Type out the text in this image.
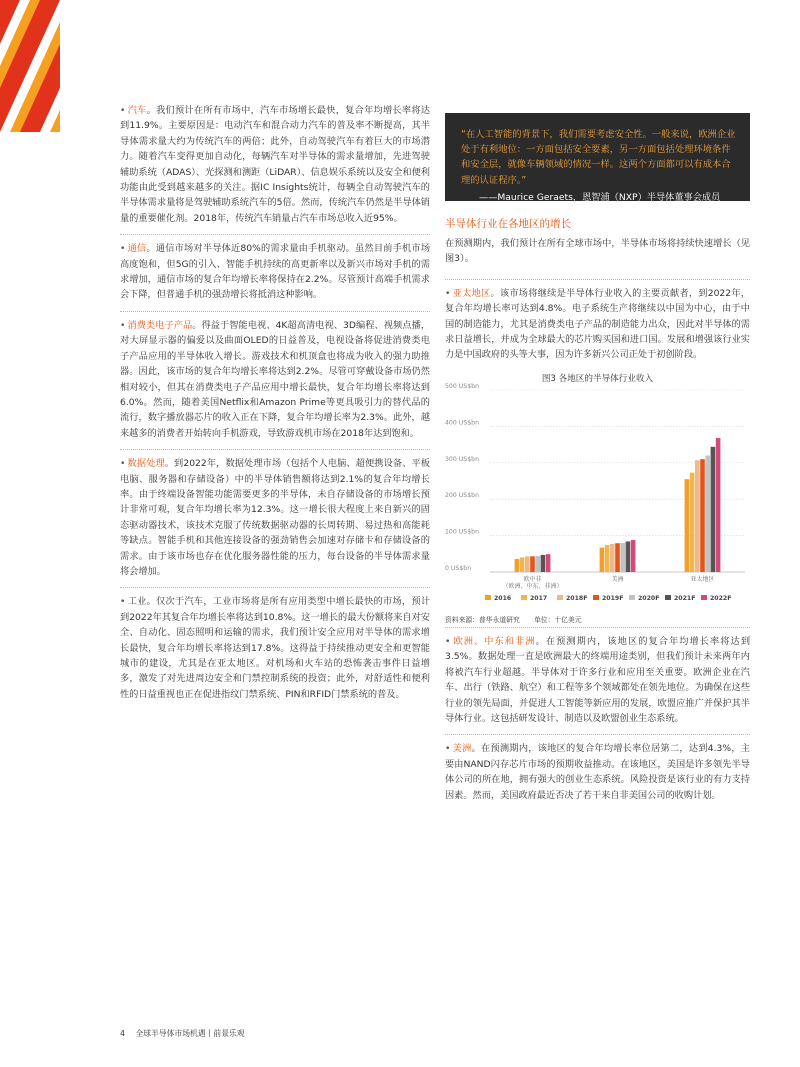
• 汽车。我们预计在所有市场中，汽车市场增长最快，复合年均增长率将达到11.9%。主要原因是：电动汽车和混合动力汽车的普及率不断提高，其半导体需求量大约为传统汽车的两倍；此外，自动驾驶汽车有着巨大的市场潜力。随着汽车变得更加自动化，每辆汽车对半导体的需求量增加，先进驾驶辅助系统（ADAS）、光探测和测距（LiDAR）、信息娱乐系统以及安全和便利功能由此受到越来越多的关注。据IC Insights统计，每辆全自动驾驶汽车的半导体需求量将是驾驶辅助系统汽车的5倍。然而，传统汽车仍然是半导体销量的重要催化剂。2018年，传统汽车销量占汽车市场总收入近95%。
• 通信。通信市场对半导体近80%的需求量由手机驱动。虽然目前手机市场高度饱和，但5G的引入、智能手机持续的高更新率以及新兴市场对手机的需求增加，通信市场的复合年均增长率将保持在2.2%。尽管预计高端手机需求会下降，但普通手机的强劲增长将抵消这种影响。
• 消费类电子产品。得益于智能电视、4K超高清电视、3D编程、视频点播，对大屏显示器的偏爱以及曲面OLED的日益普及，电视设备将促进消费类电子产品应用的半导体收入增长。游戏技术和机顶盒也将成为收入的强力助推器。因此，该市场的复合年均增长率将达到2.2%。尽管可穿戴设备市场仍然相对较小，但其在消费类电子产品应用中增长最快，复合年均增长率将达到6.0%。然而，随着美国Netflix和Amazon Prime等更具吸引力的替代品的流行，数字播放器芯片的收入正在下降，复合年均增长率为2.3%。此外，越来越多的消费者开始转向手机游戏，导致游戏机市场在2018年达到饱和。
• 数据处理。到2022年，数据处理市场（包括个人电脑、超便携设备、平板电脑、服务器和存储设备）中的半导体销售额将达到2.1%的复合年均增长率。由于终端设备智能功能需要更多的半导体，未自存储设备的市场增长预计非常可观，复合年均增长率为12.3%。这一增长很大程度上来自新兴的固态驱动器技术，该技术克服了传统数据驱动器的长周转期、易过热和高能耗等缺点。智能手机和其他连接设备的强劲销售会加速对存储卡和存储设备的需求。由于该市场也存在优化服务器性能的压力，每台设备的半导体需求量将会增加。
• 工业。仅次于汽车，工业市场将是所有应用类型中增长最快的市场，预计到2022年其复合年均增长率将达到10.8%。这一增长的最大份额将来自对安全、自动化、固态照明和运输的需求，我们预计安全应用对半导体的需求增长最快，复合年均增长率将达到17.8%。这得益于持续推动更安全和更智能城市的建设，尤其是在亚太地区。对机场和火车站的恐怖袭击事件日益增多，激发了对先进周边安全和门禁控制系统的投资；此外，对舒适性和便利性的日益重视也正在促进指纹门禁系统、PIN和RFID门禁系统的普及。
“在人工智能的背景下，我们需要考虑安全性。一般来说，欧洲企业处于有利地位：一方面包括安全要素，另一方面包括处理环境条件和安全层，就像车辆领域的情况一样。这两个方面都可以有成本合理的认证程序。”
——Maurice Geraets，恩智浦（NXP）半导体董事会成员
半导体行业在各地区的增长
在预测期内，我们预计在所有全球市场中，半导体市场将持续快速增长（见图3）。
• 亚太地区。该市场将继续是半导体行业收入的主要贡献者，到2022年，复合年均增长率可达到4.8%。电子系统生产将继续以中国为中心，由于中国的制造能力，尤其是消费类电子产品的制造能力出众，因此对半导体的需求日益增长，并成为全球最大的芯片购买国和进口国。发展和增强该行业实力是中国政府的头等大事，因为许多新兴公司正处于初创阶段。
图3 各地区的半导体行业收入
0 US$bn
100 US$bn
200 US$bn
300 US$bn
400 US$bn
500 US$bn
欧中非
（欧洲、中东、非洲）
美洲	亚太地区
2016	2017	2018F 2019F 2020F 2021F 2022F
资料来源：普华永道研究 单位：十亿美元
• 欧洲、中东和非洲。在预测期内，该地区的复合年均增长率将达到3.5%。数据处理一直是欧洲最大的终端用途类别，但我们预计未来两年内将被汽车行业超越。半导体对于许多行业和应用至关重要。欧洲企业在汽车、出行（铁路、航空）和工程等多个领域都处在领先地位。为确保在这些行业的领先局面，并促进人工智能等新应用的发展，欧盟应推广并保护其半导体行业。这包括研发设计、制造以及欧盟创业生态系统。
• 美洲。在预测期内，该地区的复合年均增长率位居第二，达到4.3%，主要由NAND闪存芯片市场的预期收益推动。在该地区，美国是许多领先半导体公司的所在地，拥有强大的创业生态系统。风险投资是该行业的有力支持因素。然而，美国政府最近否决了若干来自非美国公司的收购计划。
4 全球半导体市场机遇丨前景乐观
